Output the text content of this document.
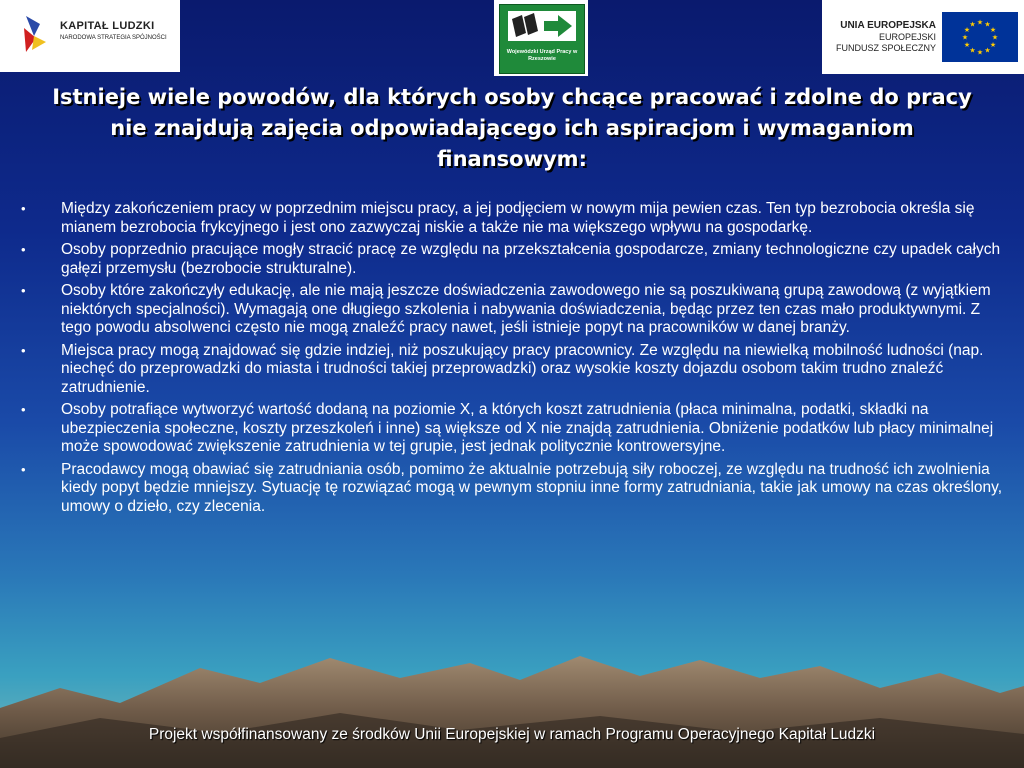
KAPITAŁ LUDZKI
NARODOWA STRATEGIA SPÓJNOŚCI
Wojewódzki Urząd Pracy w Rzeszowie
UNIA EUROPEJSKA
EUROPEJSKI
FUNDUSZ SPOŁECZNY
★ ★
★
★
★
★
★
★
★
★
★
★
Istnieje wiele powodów, dla których osoby chcące pracować i zdolne do pracy nie znajdują zajęcia odpowiadającego ich aspiracjom i wymaganiom finansowym:
• Między zakończeniem pracy w poprzednim miejscu pracy, a jej podjęciem w nowym mija pewien czas. Ten typ bezrobocia określa się mianem bezrobocia frykcyjnego i jest ono zazwyczaj niskie a także nie ma większego wpływu na gospodarkę.
• Osoby poprzednio pracujące mogły stracić pracę ze względu na przekształcenia gospodarcze, zmiany technologiczne czy upadek całych gałęzi przemysłu (bezrobocie strukturalne).
• Osoby które zakończyły edukację, ale nie mają jeszcze doświadczenia zawodowego nie są poszukiwaną grupą zawodową (z wyjątkiem niektórych specjalności). Wymagają one długiego szkolenia i nabywania doświadczenia, będąc przez ten czas mało produktywnymi. Z tego powodu absolwenci często nie mogą znaleźć pracy nawet, jeśli istnieje popyt na pracowników w danej branży.
• Miejsca pracy mogą znajdować się gdzie indziej, niż poszukujący pracy pracownicy. Ze względu na niewielką mobilność ludności (nap. niechęć do przeprowadzki do miasta i trudności takiej przeprowadzki) oraz wysokie koszty dojazdu osobom takim trudno znaleźć zatrudnienie.
• Osoby potrafiące wytworzyć wartość dodaną na poziomie X, a których koszt zatrudnienia (płaca minimalna, podatki, składki na ubezpieczenia społeczne, koszty przeszkoleń i inne) są większe od X nie znajdą zatrudnienia. Obniżenie podatków lub płacy minimalnej może spowodować zwiększenie zatrudnienia w tej grupie, jest jednak politycznie kontrowersyjne.
• Pracodawcy mogą obawiać się zatrudniania osób, pomimo że aktualnie potrzebują siły roboczej, ze względu na trudność ich zwolnienia kiedy popyt będzie mniejszy. Sytuację tę rozwiązać mogą w pewnym stopniu inne formy zatrudniania, takie jak umowy na czas określony, umowy o dzieło, czy zlecenia.
Projekt współfinansowany ze środków Unii Europejskiej w ramach Programu Operacyjnego Kapitał Ludzki
